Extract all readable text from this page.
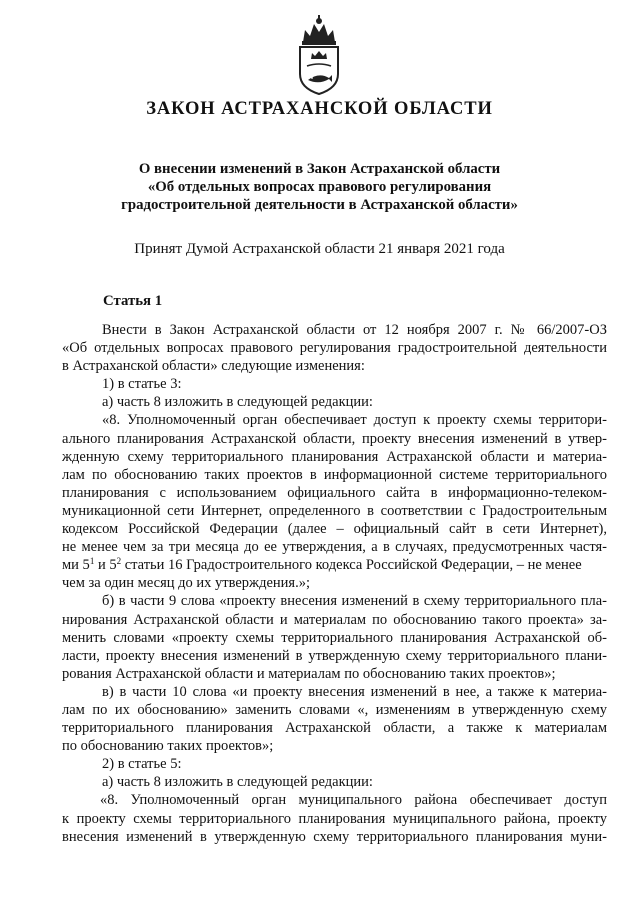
ЗАКОН АСТРАХАНСКОЙ ОБЛАСТИ
О внесении изменений в Закон Астраханской области
«Об отдельных вопросах правового регулирования
градостроительной деятельности в Астраханской области»
Принят Думой Астраханской области 21 января 2021 года
Статья 1
Внести в Закон Астраханской области от 12 ноября 2007 г. № 66/2007-ОЗ
«Об отдельных вопросах правового регулирования градостроительной деятельности
в Астраханской области» следующие изменения:
1) в статье 3:
а) часть 8 изложить в следующей редакции:
«8. Уполномоченный орган обеспечивает доступ к проекту схемы территори-
ального планирования Астраханской области, проекту внесения изменений в утвер-
жденную схему территориального планирования Астраханской области и материа-
лам по обоснованию таких проектов в информационной системе территориального
планирования с использованием официального сайта в информационно-телеком-
муникационной сети Интернет, определенного в соответствии с Градостроительным
кодексом Российской Федерации (далее – официальный сайт в сети Интернет),
не менее чем за три месяца до ее утверждения, а в случаях, предусмотренных частя-
ми $5^1$ и $5^2$ статьи 16 Градостроительного кодекса Российской Федерации, – не менее
чем за один месяц до их утверждения.»;
б) в части 9 слова «проекту внесения изменений в схему территориального пла-
нирования Астраханской области и материалам по обоснованию такого проекта» за-
менить словами «проекту схемы территориального планирования Астраханской об-
ласти, проекту внесения изменений в утвержденную схему территориального плани-
рования Астраханской области и материалам по обоснованию таких проектов»;
в) в части 10 слова «и проекту внесения изменений в нее, а также к материа-
лам по их обоснованию» заменить словами «, изменениям в утвержденную схему
территориального планирования Астраханской области, а также к материалам
по обоснованию таких проектов»;
2) в статье 5:
а) часть 8 изложить в следующей редакции:
«8. Уполномоченный орган муниципального района обеспечивает доступ
к проекту схемы территориального планирования муниципального района, проекту
внесения изменений в утвержденную схему территориального планирования муни-
